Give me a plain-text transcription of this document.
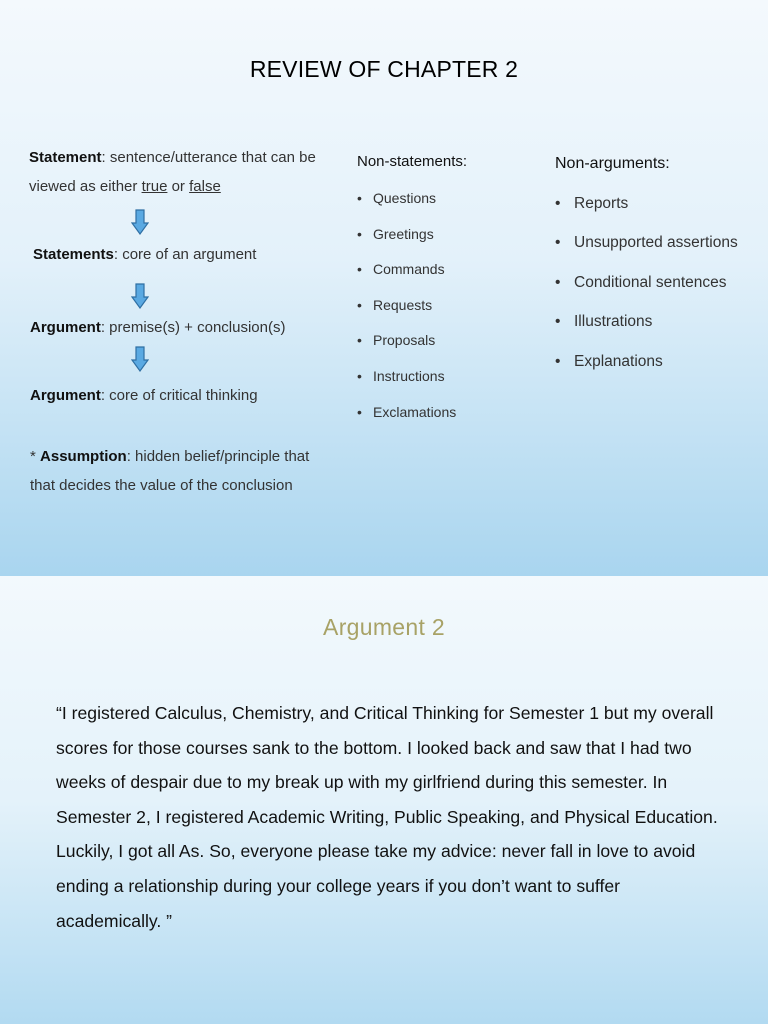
REVIEW OF CHAPTER 2
Statement: sentence/utterance that can be viewed as either true or false
Statements: core of an argument
Argument: premise(s) + conclusion(s)
Argument: core of critical thinking
* Assumption: hidden belief/principle that that decides the value of the conclusion
Non-statements:
• Questions
• Greetings
• Commands
• Requests
• Proposals
• Instructions
• Exclamations
Non-arguments:
• Reports
• Unsupported assertions
• Conditional sentences
• Illustrations
• Explanations
Argument 2

“I registered Calculus, Chemistry, and Critical Thinking for Semester 1 but my overall scores for those courses sank to the bottom. I looked back and saw that I had two weeks of despair due to my break up with my girlfriend during this semester. In Semester 2, I registered Academic Writing, Public Speaking, and Physical Education. Luckily, I got all As. So, everyone please take my advice: never fall in love to avoid ending a relationship during your college years if you don’t want to suffer academically. ”
